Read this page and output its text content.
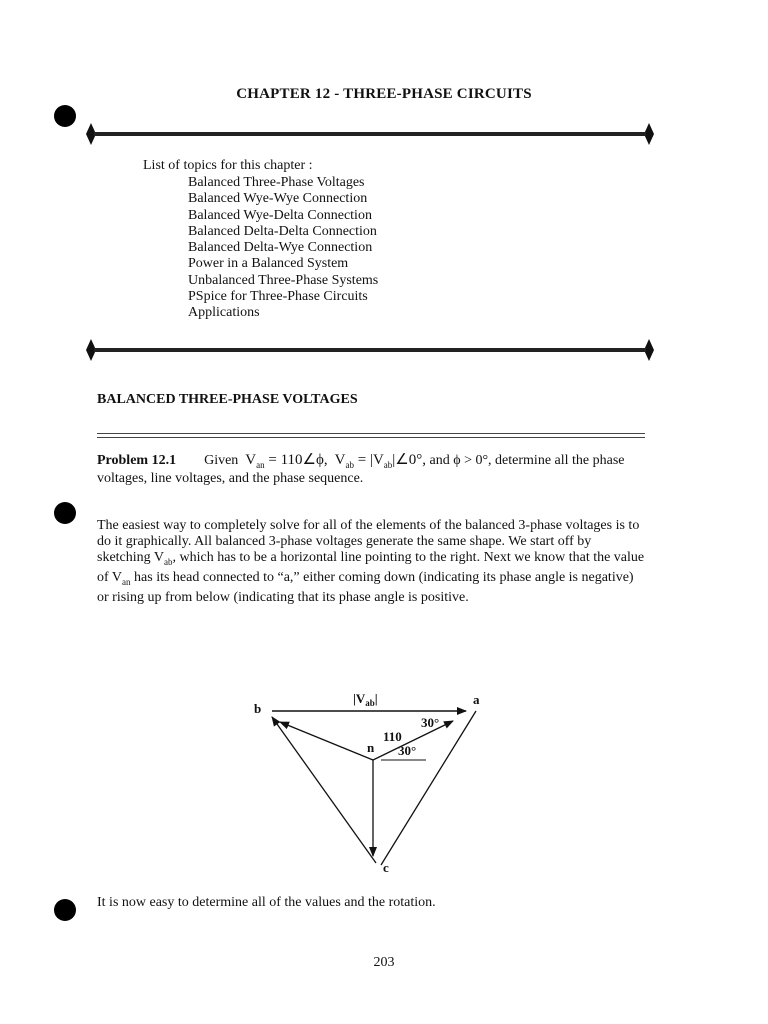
CHAPTER 12 - THREE-PHASE CIRCUITS
List of topics for this chapter :
Balanced Three-Phase Voltages
Balanced Wye-Wye Connection
Balanced Wye-Delta Connection
Balanced Delta-Delta Connection
Balanced Delta-Wye Connection
Power in a Balanced System
Unbalanced Three-Phase Systems
PSpice for Three-Phase Circuits
Applications
BALANCED THREE-PHASE VOLTAGES
Problem 12.1 Given $V_{an}$ = 110∠ϕ, $V_{ab}$ = $|V_{ab}|\angle 0^\circ$, and ϕ > 0°, determine all the phase
voltages, line voltages, and the phase sequence.
The easiest way to completely solve for all of the elements of the balanced 3-phase voltages is to
do it graphically. All balanced 3-phase voltages generate the same shape. We start off by
sketching $V_{ab}$, which has to be a horizontal line pointing to the right. Next we know that the value
of $V_{an}$ has its head connected to “a,” either coming down (indicating its phase angle is negative)
or rising up from below (indicating that its phase angle is positive.
b
a
c
n
$|V_{ab}|$
110
30°
30°
It is now easy to determine all of the values and the rotation.
203
